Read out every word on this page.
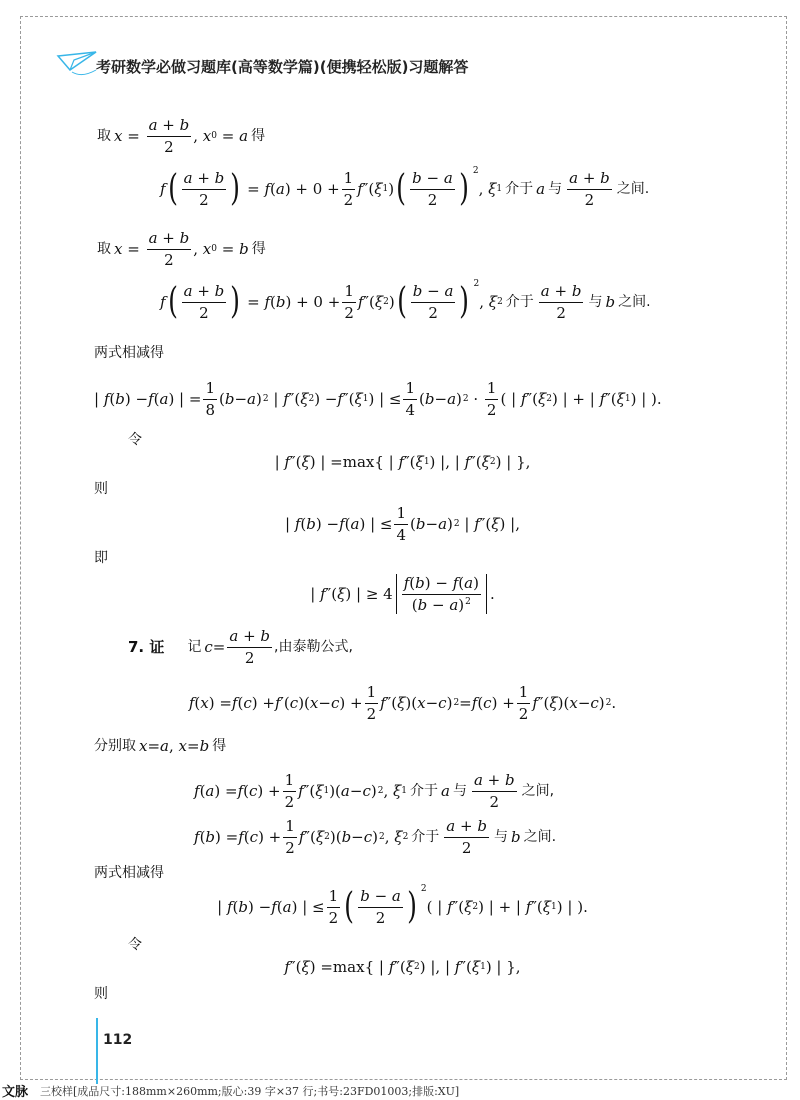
考研数学必做习题库(高等数学篇)(便携轻松版)习题解答
取 $x = \frac{a + b}{2}$ , x 0 = a 得
f ( $\frac{a + b}{2}$ ) = f ( a ) + $0 + \frac{1}{2}$ f ″( ξ 1 ) ( $\frac{b - a}{2}$ ) 2
, ξ 1 介于 a 与 $\frac{a + b}{2}$ 之间.
取 $x = \frac{a + b}{2}$ , x 0 = b 得
f ( $\frac{a + b}{2}$ ) = f ( b ) + $0 + \frac{1}{2}$ f ″( ξ 2 ) ( $\frac{b - a}{2}$ ) 2
, ξ 2 介于 $\frac{a + b}{2}$ 与 b 之间.
两式相减得
| f ( b ) − f ( a ) | = $\frac{1}{8}$ ( b − a ) 2 | f ″( ξ 2 ) − f ″( ξ 1 ) | ≤ $\frac{1}{4}$ ( b − a ) $2 \cdot \frac{1}{2}$ ( | f ″( ξ 2 ) | + | f ″( ξ 1 ) | ).
令
| f ″( ξ ) | = max { | f ″( ξ 1 ) |, | f ″( ξ 2 ) | },
则
| f ( b ) − f ( a ) | ≤ $\frac{1}{4}$ ( b − a ) 2 | f ″( ξ ) |,
即
| f ″( ξ ) | ≥ $4 \frac{f(b) - f(a)}{(b - a)^2}$ .
7. 证 记 $c = \frac{a + b}{2}$ ,由泰勒公式,
f ( x ) = f ( c ) + f ′( c )( x − c ) + $\frac{1}{2}$ f ″( ξ )( x − c ) 2 = f ( c ) + $\frac{1}{2}$ f ″( ξ )( x − c ) 2 .
分别取 x = a , x = b 得
f ( a ) = f ( c ) + $\frac{1}{2}$ f ″( ξ 1 )( a − c ) 2 , ξ 1 介于 a 与 $\frac{a + b}{2}$ 之间,
f ( b ) = f ( c ) + $\frac{1}{2}$ f ″( ξ 2 )( b − c ) 2 , ξ 2 介于 $\frac{a + b}{2}$ 与 b 之间.
两式相减得
| f ( b ) − f ( a ) | ≤ $\frac{1}{2}$ ( $\frac{b - a}{2}$ ) 2
( | f ″( ξ 2 ) | + | f ″( ξ 1 ) | ).
令
f ″( ξ ) = max { | f ″( ξ 2 ) |, | f ″( ξ 1 ) | },
则
112
文脉 三校样[成品尺寸:188mm×260mm;版心:39 字×37 行;书号:23FD01003;排版:XU]
